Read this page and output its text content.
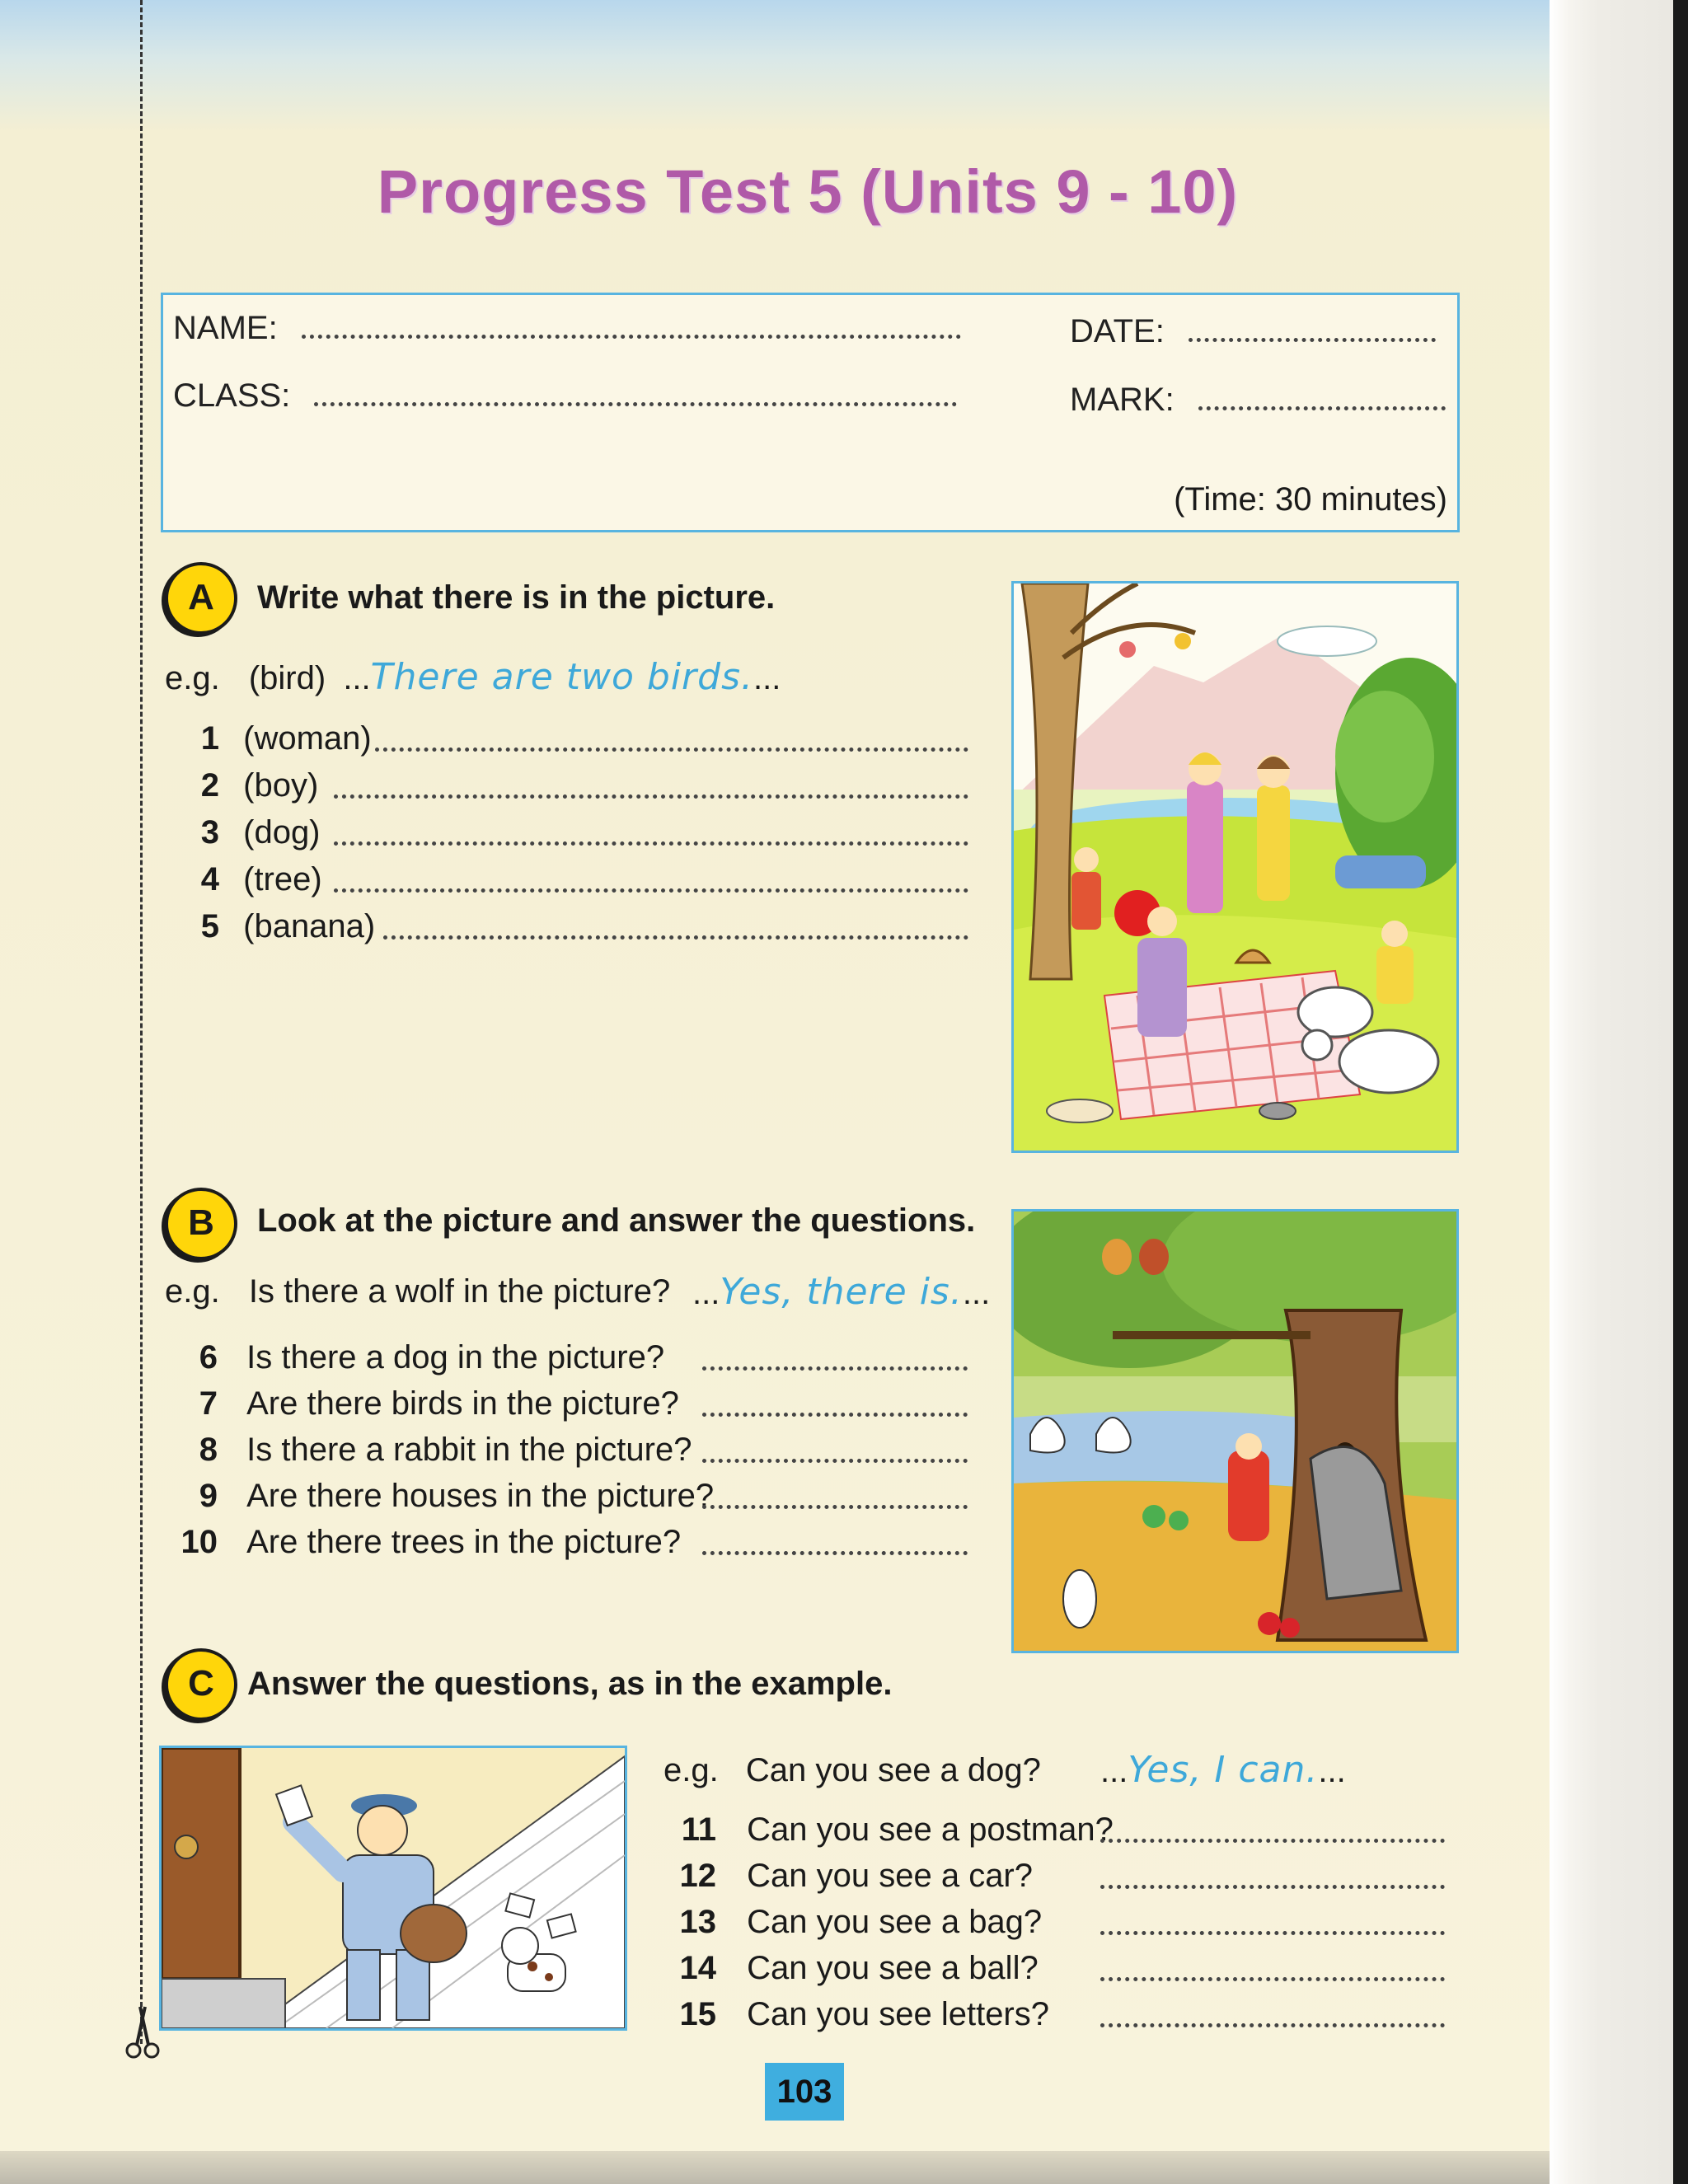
Progress Test 5 (Units 9 - 10)
NAME:
CLASS:
DATE:
MARK:
(Time: 30 minutes)
A	Write what there is in the picture.
e.g. (bird) ...There are two birds....
1 (woman)
2 (boy)
3 (dog)
4 (tree)
5 (banana)
B	Look at the picture and answer the questions.
e.g. Is there a wolf in the picture? ...Yes, there is....
6 Is there a dog in the picture?
7 Are there birds in the picture?
8 Is there a rabbit in the picture?
9 Are there houses in the picture?
10 Are there trees in the picture?
C	Answer the questions, as in the example.
e.g. Can you see a dog? ...Yes, I can....
11 Can you see a postman?
12 Can you see a car?
13 Can you see a bag?
14 Can you see a ball?
15 Can you see letters?
103
